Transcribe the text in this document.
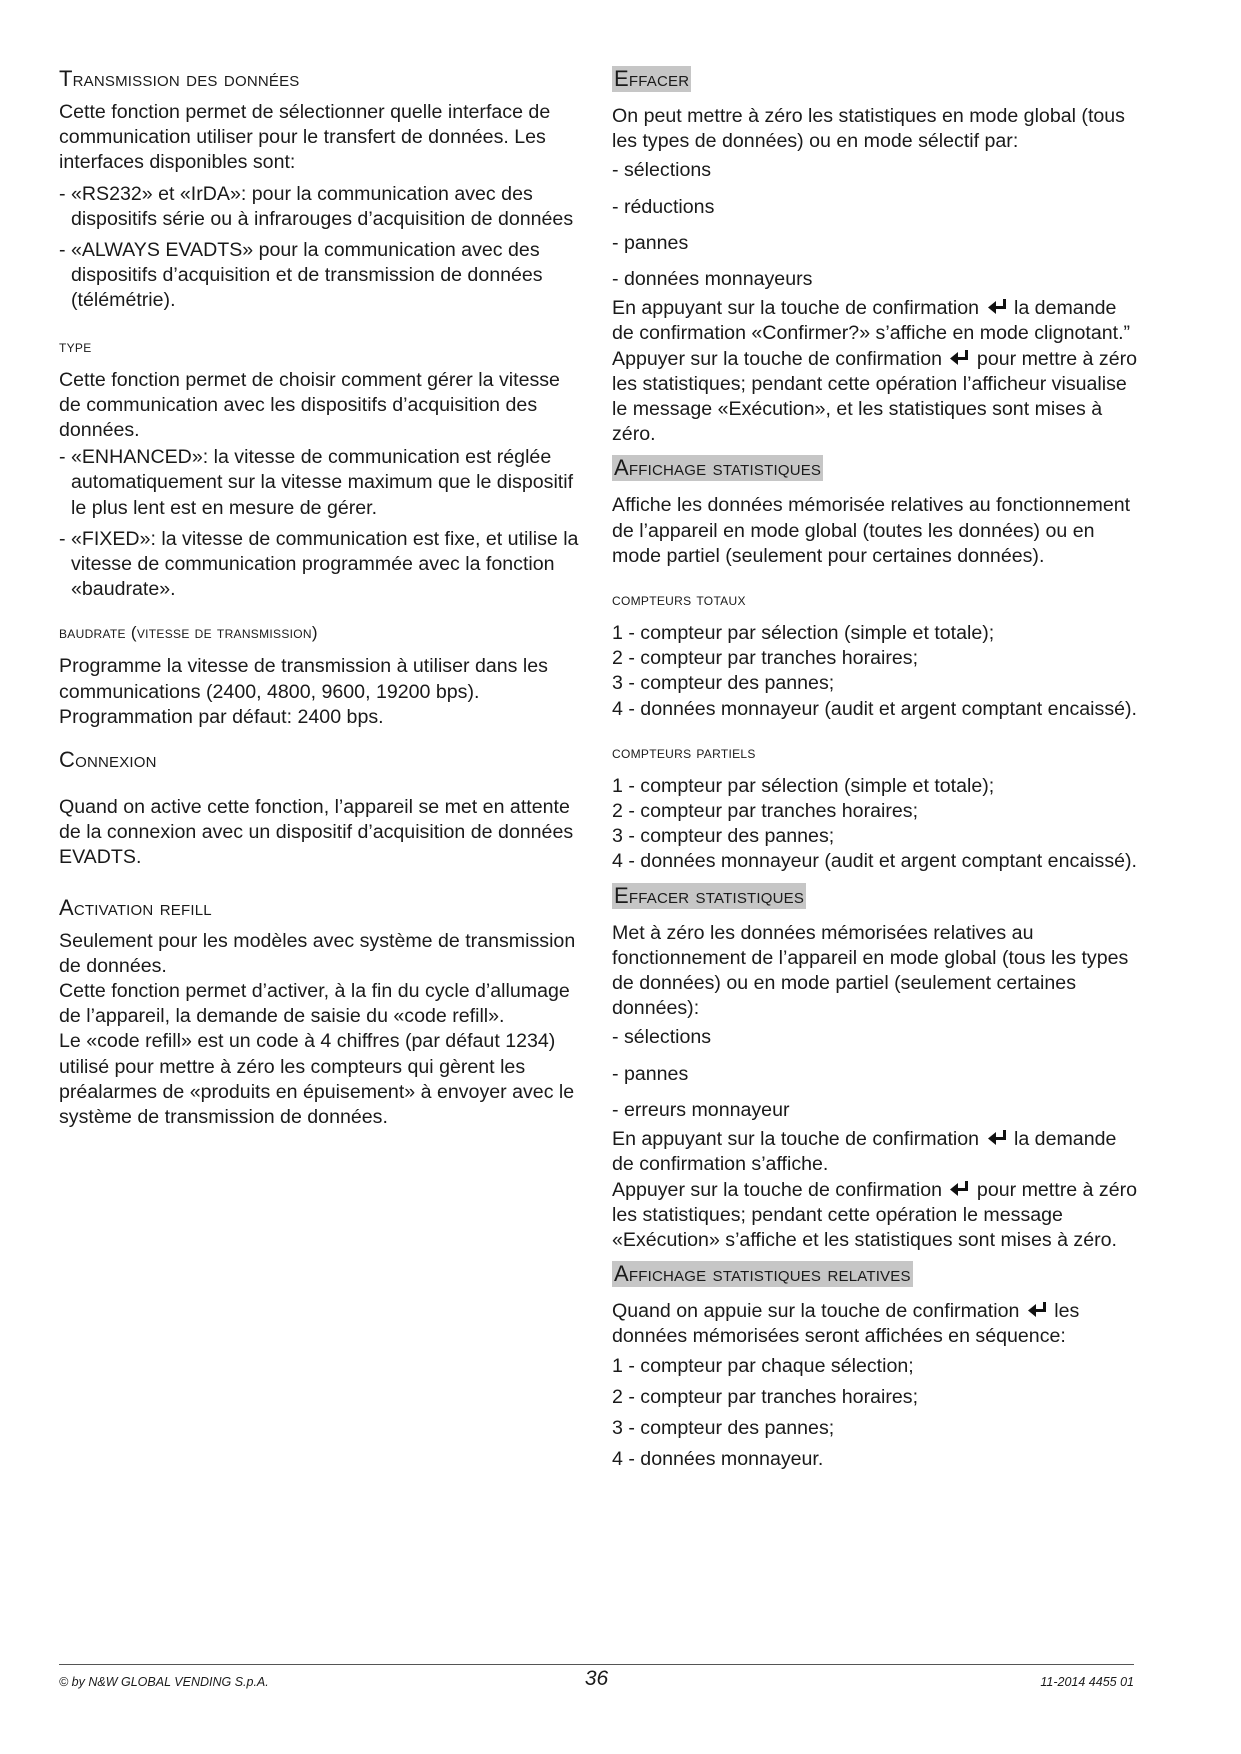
Transmission des données

Cette fonction permet de sélectionner quelle interface de communication utiliser pour le transfert de données. Les interfaces disponibles sont:

- «RS232» et «IrDA»: pour la communication avec des dispositifs série ou à infrarouges d’acquisition de données
- «ALWAYS EVADTS» pour la communication avec des dispositifs d’acquisition et de transmission de données (télémétrie).
type

Cette fonction permet de choisir comment gérer la vitesse de communication avec les dispositifs d’acquisition des données.

- «ENHANCED»: la vitesse de communication est réglée automatiquement sur la vitesse maximum que le dispositif le plus lent est en mesure de gérer.
- «FIXED»: la vitesse de communication est fixe, et utilise la vitesse de communication programmée avec la fonction «baudrate».
baudrate (vitesse de transmission)

Programme la vitesse de transmission à utiliser dans les communications (2400, 4800, 9600, 19200 bps).

Programmation par défaut: 2400 bps.

Connexion

Quand on active cette fonction, l’appareil se met en attente de la connexion avec un dispositif d’acquisition de données EVADTS.

Activation refill

Seulement pour les modèles avec système de transmission de données.

Cette fonction permet d’activer, à la fin du cycle d’allumage de l’appareil, la demande de saisie du «code refill».

Le «code refill» est un code à 4 chiffres (par défaut 1234) utilisé pour mettre à zéro les compteurs qui gèrent les préalarmes de «produits en épuisement» à envoyer avec le système de transmission de données.

Effacer

On peut mettre à zéro les statistiques en mode global (tous les types de données) ou en mode sélectif par:

- sélections
- réductions
- pannes
- données monnayeurs

En appuyant sur la touche de confirmation la demande de confirmation «Confirmer?» s’affiche en mode clignotant.”

Appuyer sur la touche de confirmation pour mettre à zéro les statistiques; pendant cette opération l’afficheur visualise le message «Exécution», et les statistiques sont mises à zéro.

Affichage statistiques

Affiche les données mémorisée relatives au fonctionnement de l’appareil en mode global (toutes les données) ou en mode partiel (seulement pour certaines données).

compteurs totaux
1 - compteur par sélection (simple et totale);
2 - compteur par tranches horaires;
3 - compteur des pannes;
4 - données monnayeur (audit et argent comptant encaissé).
compteurs partiels
1 - compteur par sélection (simple et totale);
2 - compteur par tranches horaires;
3 - compteur des pannes;
4 - données monnayeur (audit et argent comptant encaissé).
Effacer statistiques

Met à zéro les données mémorisées relatives au fonctionnement de l’appareil en mode global (tous les types de données) ou en mode partiel (seulement certaines données):

- sélections
- pannes
- erreurs monnayeur

En appuyant sur la touche de confirmation la demande de confirmation s’affiche.

Appuyer sur la touche de confirmation pour mettre à zéro les statistiques; pendant cette opération le message «Exécution» s’affiche et les statistiques sont mises à zéro.

Affichage statistiques relatives

Quand on appuie sur la touche de confirmation les données mémorisées seront affichées en séquence:

1 - compteur par chaque sélection;
2 - compteur par tranches horaires;
3 - compteur des pannes;
4 - données monnayeur.
© by N&W GLOBAL VENDING S.p.A.	36	11-2014 4455 01
